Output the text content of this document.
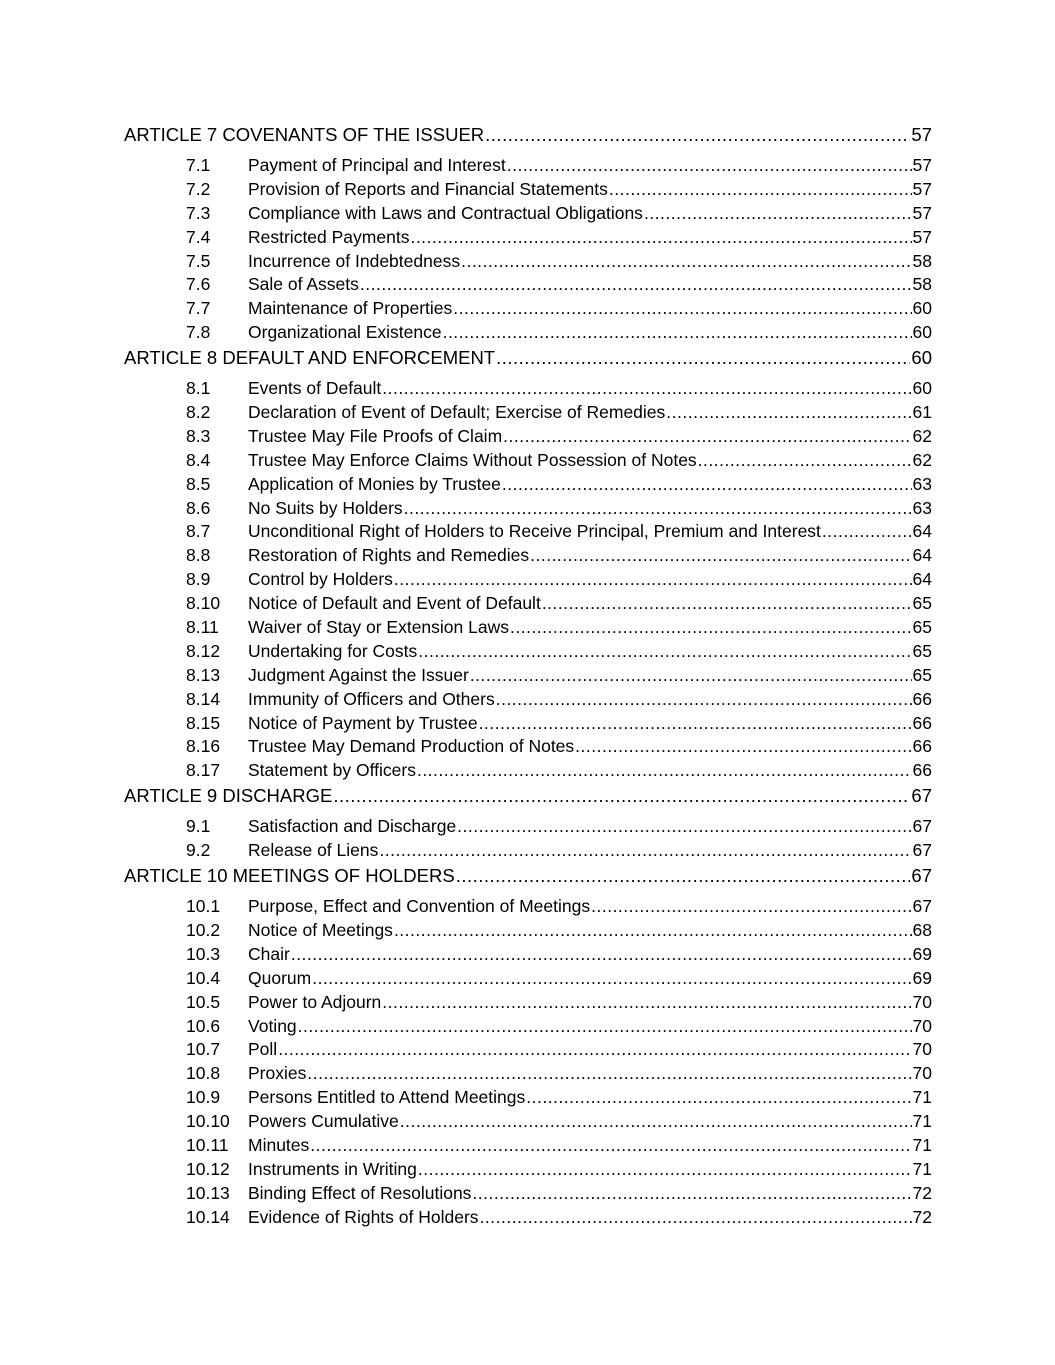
ARTICLE 7 COVENANTS OF THE ISSUER .....	57
7.1	Payment of Principal and Interest .....	57
7.2	Provision of Reports and Financial Statements .....	57
7.3	Compliance with Laws and Contractual Obligations .....	57
7.4	Restricted Payments .....	57
7.5	Incurrence of Indebtedness .....	58
7.6	Sale of Assets .....	58
7.7	Maintenance of Properties .....	60
7.8	Organizational Existence .....	60
ARTICLE 8 DEFAULT AND ENFORCEMENT .....	60
8.1	Events of Default .....	60
8.2	Declaration of Event of Default; Exercise of Remedies .....	61
8.3	Trustee May File Proofs of Claim .....	62
8.4	Trustee May Enforce Claims Without Possession of Notes .....	62
8.5	Application of Monies by Trustee .....	63
8.6	No Suits by Holders .....	63
8.7	Unconditional Right of Holders to Receive Principal, Premium and Interest .....	64
8.8	Restoration of Rights and Remedies .....	64
8.9	Control by Holders .....	64
8.10	Notice of Default and Event of Default .....	65
8.11	Waiver of Stay or Extension Laws .....	65
8.12	Undertaking for Costs .....	65
8.13	Judgment Against the Issuer .....	65
8.14	Immunity of Officers and Others .....	66
8.15	Notice of Payment by Trustee .....	66
8.16	Trustee May Demand Production of Notes .....	66
8.17	Statement by Officers .....	66
ARTICLE 9 DISCHARGE .....	67
9.1	Satisfaction and Discharge .....	67
9.2	Release of Liens .....	67
ARTICLE 10 MEETINGS OF HOLDERS .....	67
10.1	Purpose, Effect and Convention of Meetings .....	67
10.2	Notice of Meetings .....	68
10.3	Chair .....	69
10.4	Quorum .....	69
10.5	Power to Adjourn .....	70
10.6	Voting .....	70
10.7	Poll .....	70
10.8	Proxies .....	70
10.9	Persons Entitled to Attend Meetings .....	71
10.10	Powers Cumulative .....	71
10.11	Minutes .....	71
10.12	Instruments in Writing .....	71
10.13	Binding Effect of Resolutions .....	72
10.14	Evidence of Rights of Holders .....	72
